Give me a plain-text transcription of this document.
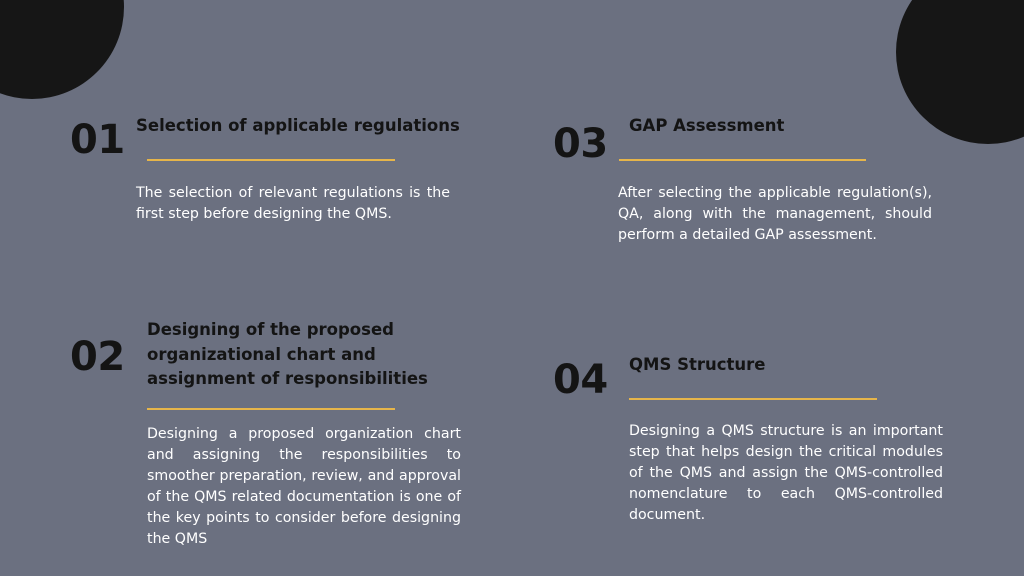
01 Selection of applicable regulations
The selection of relevant regulations is the first step before designing the QMS.
02
Designing of the proposed organizational chart and assignment of responsibilities
Designing a proposed organization chart and assigning the responsibilities to smoother preparation, review, and approval of the QMS related documentation is one of the key points to consider before designing the QMS
03 GAP Assessment
After selecting the applicable regulation(s), QA, along with the management, should perform a detailed GAP assessment.
04 QMS Structure
Designing a QMS structure is an important step that helps design the critical modules of the QMS and assign the QMS-controlled nomenclature to each QMS-controlled document.
